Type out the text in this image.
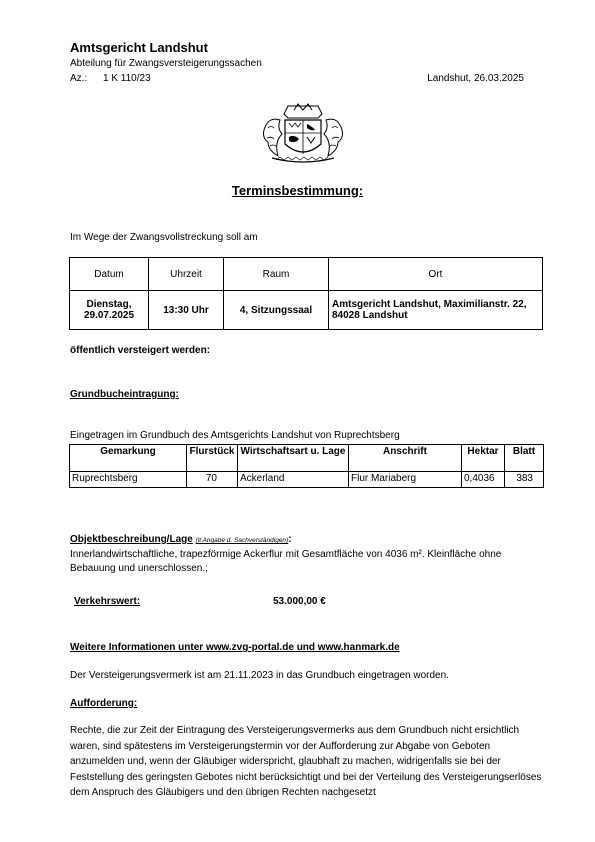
Amtsgericht Landshut
Abteilung für Zwangsversteigerungssachen
Az.: 1 K 110/23	Landshut, 26.03.2025
Terminsbestimmung:
Im Wege der Zwangsvollstreckung soll am
Datum	Uhrzeit	Raum	Ort
Dienstag, 29.07.2025	13:30 Uhr	4, Sitzungssaal	Amtsgericht Landshut, Maximilianstr. 22, 84028 Landshut
öffentlich versteigert werden:
Grundbucheintragung:
Eingetragen im Grundbuch des Amtsgerichts Landshut von Ruprechtsberg
Gemarkung	Flurstück	Wirtschaftsart u. Lage	Anschrift	Hektar	Blatt
Ruprechtsberg	70	Ackerland	Flur Mariaberg	0,4036	383
Objektbeschreibung/Lage (lt Angabe d. Sachverständigen):
Innerlandwirtschaftliche, trapezförmige Ackerflur mit Gesamtfläche von 4036 m². Kleinfläche ohne Bebauung und unerschlossen.;
Verkehrswert:	53.000,00 €
Weitere Informationen unter www.zvg-portal.de und www.hanmark.de
Der Versteigerungsvermerk ist am 21.11.2023 in das Grundbuch eingetragen worden.
Aufforderung:
Rechte, die zur Zeit der Eintragung des Versteigerungsvermerks aus dem Grundbuch nicht ersichtlich waren, sind spätestens im Versteigerungstermin vor der Aufforderung zur Abgabe von Geboten anzumelden und, wenn der Gläubiger widerspricht, glaubhaft zu machen, widrigenfalls sie bei der Feststellung des geringsten Gebotes nicht berücksichtigt und bei der Verteilung des Versteigerungserlöses dem Anspruch des Gläubigers und den übrigen Rechten nachgesetzt
